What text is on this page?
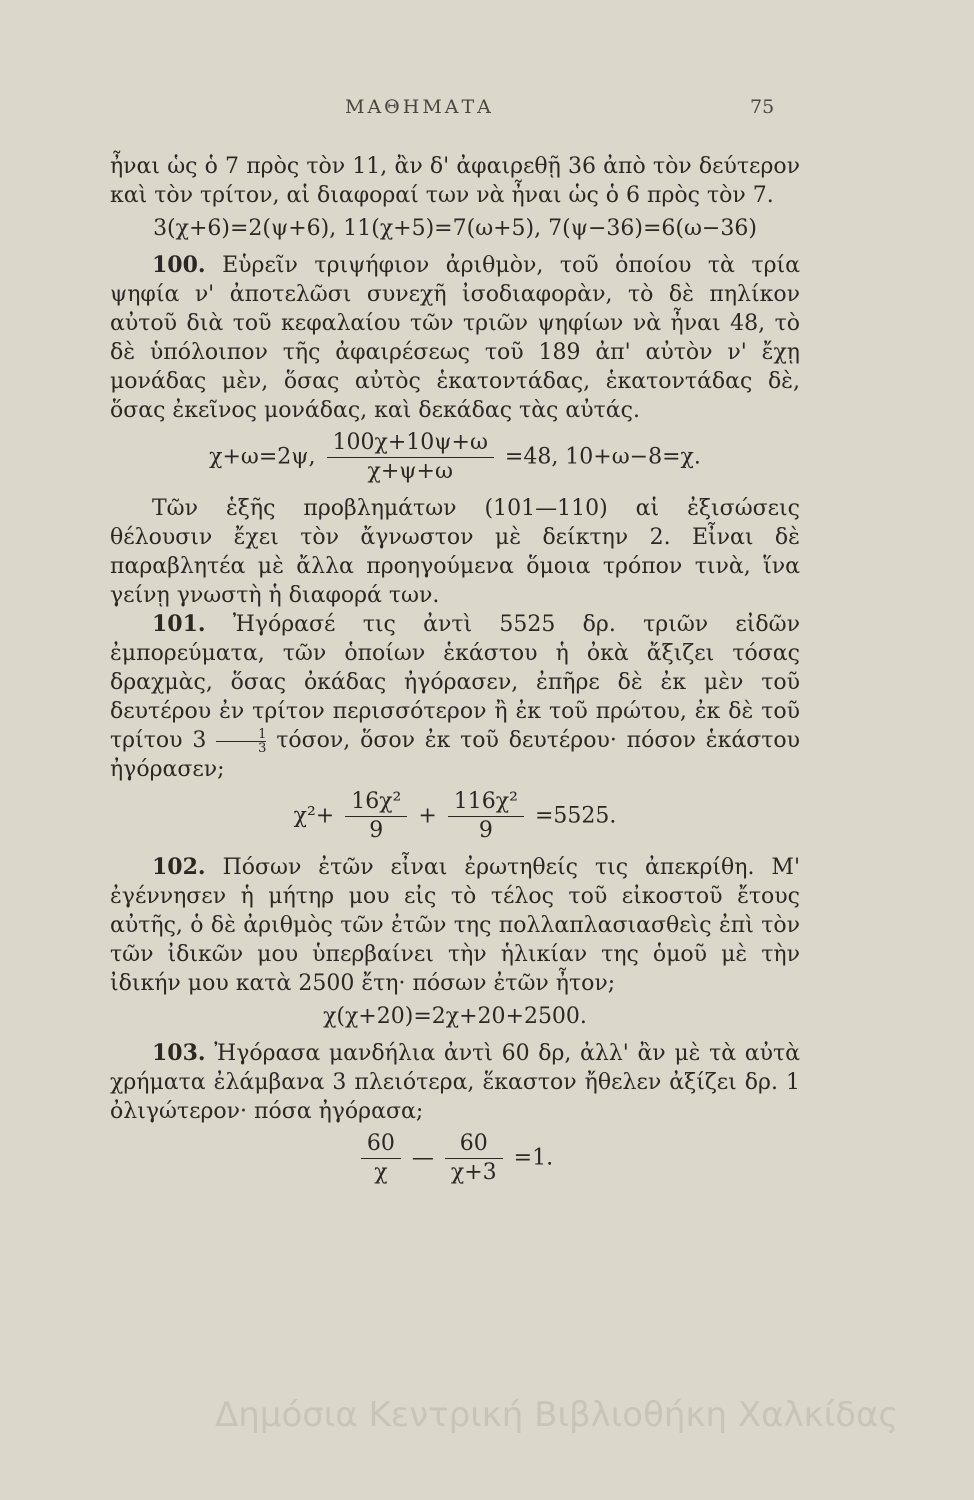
ΜΑΘΗΜΑΤΑ	75

ἦναι ὡς ὁ 7 πρὸς τὸν 11, ἂν δ' ἀφαιρεθῇ 36 ἀπὸ τὸν δεύτερον καὶ τὸν τρίτον, αἱ διαφοραί των νὰ ἦναι ὡς ὁ 6 πρὸς τὸν 7.

3(χ+6)=2(ψ+6), 11(χ+5)=7(ω+5), 7(ψ−36)=6(ω−36)

100. Εὑρεῖν τριψήφιον ἀριθμὸν, τοῦ ὁποίου τὰ τρία ψηφία ν' ἀποτελῶσι συνεχῆ ἰσοδιαφορὰν, τὸ δὲ πηλίκον αὐτοῦ διὰ τοῦ κεφαλαίου τῶν τριῶν ψηφίων νὰ ἦναι 48, τὸ δὲ ὑπόλοιπον τῆς ἀφαιρέσεως τοῦ 189 ἀπ' αὐτὸν ν' ἔχῃ μονάδας μὲν, ὅσας αὐτὸς ἑκατοντάδας, ἑκατοντάδας δὲ, ὅσας ἐκεῖνος μονάδας, καὶ δεκάδας τὰς αὐτάς.

χ+ω=2ψ, $\frac{100\chi+10\psi+\omega}{\chi+\psi+\omega} =48$, 10+ω−8=χ.

Τῶν ἑξῆς προβλημάτων (101—110) αἱ ἐξισώσεις θέλουσιν ἔχει τὸν ἄγνωστον μὲ δείκτην 2. Εἶναι δὲ παραβλητέα μὲ ἄλλα προηγούμενα ὅμοια τρόπον τινὰ, ἵνα γείνῃ γνωστὴ ἡ διαφορά των.

101. Ἠγόρασέ τις ἀντὶ 5525 δρ. τριῶν εἰδῶν ἐμπορεύματα, τῶν ὁποίων ἑκάστου ἡ ὀκὰ ἄξιζει τόσας δραχμὰς, ὅσας ὀκάδας ἠγόρασεν, ἐπῆρε δὲ ἐκ μὲν τοῦ δευτέρου ἐν τρίτον περισσότερον ἢ ἐκ τοῦ πρώτου, ἐκ δὲ τοῦ τρίτου $3 \frac{1}{3} \tau ό\sigma o\nu$, ὅσον ἐκ τοῦ δευτέρου· πόσον ἑκάστου ἠγόρασεν;

$\chi^2+ \frac{\text{16χ²}}{9} + \frac{\text{116χ²}}{9} =5525$.

102. Πόσων ἐτῶν εἶναι ἐρωτηθείς τις ἀπεκρίθη. Μ' ἐγέννησεν ἡ μήτηρ μου εἰς τὸ τέλος τοῦ εἰκοστοῦ ἔτους αὐτῆς, ὁ δὲ ἀριθμὸς τῶν ἐτῶν της πολλαπλασιασθεὶς ἐπὶ τὸν τῶν ἰδικῶν μου ὑπερβαίνει τὴν ἡλικίαν της ὁμοῦ μὲ τὴν ἰδικήν μου κατὰ 2500 ἔτη· πόσων ἐτῶν ἦτον;

χ(χ+20)=2χ+20+2500.

103. Ἠγόρασα μανδήλια ἀντὶ 60 δρ, ἀλλ' ἂν μὲ τὰ αὐτὰ χρήματα ἐλάμβανα 3 πλειότερα, ἕκαστον ἤθελεν ἀξίζει δρ. 1 ὀλιγώτερον· πόσα ἠγόρασα;

$\frac{60}{\chi}$ — $\frac{60}{\chi+3} =1$.
Δημόσια Κεντρική Βιβλιοθήκη Χαλκίδας
